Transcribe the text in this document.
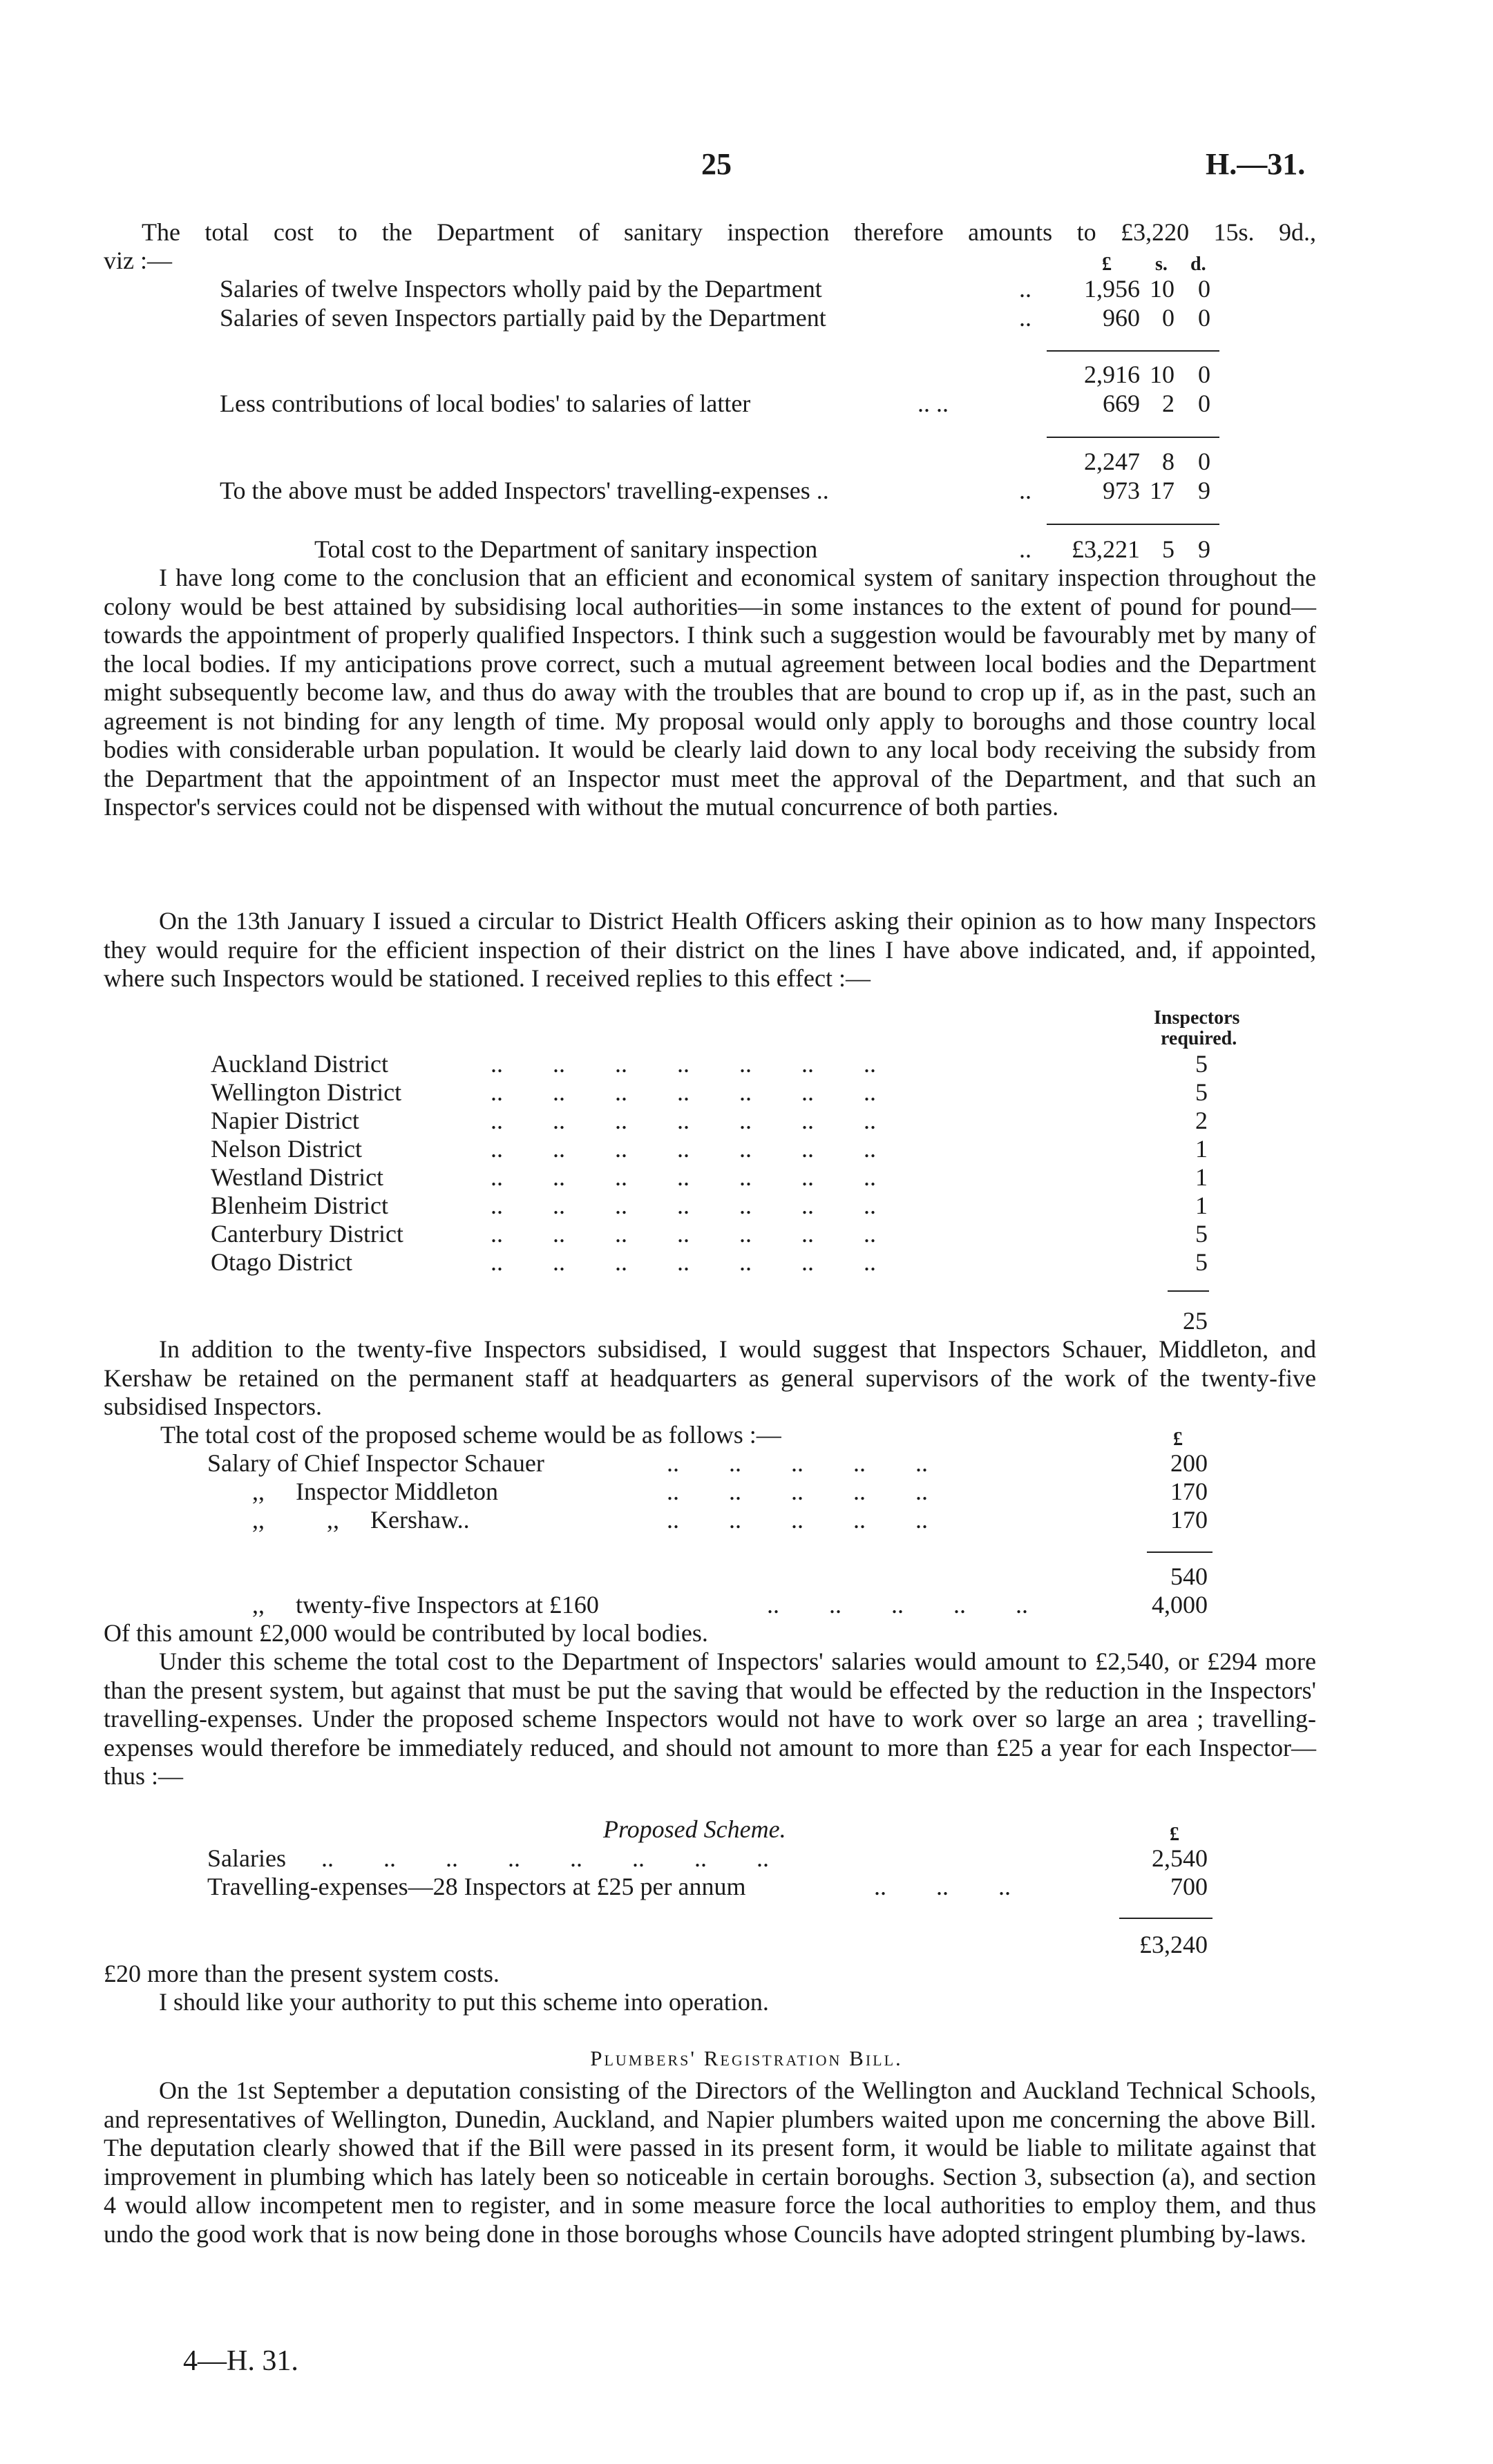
25	H.—31.
The total cost to the Department of sanitary inspection therefore amounts to £3,220 15s. 9d.,
viz :—	£ s. d.
Salaries of twelve Inspectors wholly paid by the Department	..	1,956 10 0
Salaries of seven Inspectors partially paid by the Department	..	960 0 0
2,916 10 0
Less contributions of local bodies' to salaries of latter	.. ..	669 2 0
2,247 8 0
To the above must be added Inspectors' travelling-expenses ..	..	973 17 9
Total cost to the Department of sanitary inspection	..	£3,221 5 9
I have long come to the conclusion that an efficient and economical system of sanitary inspection throughout the colony would be best attained by subsidising local authorities—in some instances to the extent of pound for pound—towards the appointment of properly qualified Inspectors. I think such a suggestion would be favourably met by many of the local bodies. If my anticipations prove correct, such a mutual agreement between local bodies and the Department might subsequently become law, and thus do away with the troubles that are bound to crop up if, as in the past, such an agreement is not binding for any length of time. My proposal would only apply to boroughs and those country local bodies with considerable urban population. It would be clearly laid down to any local body receiving the subsidy from the Department that the appointment of an Inspector must meet the approval of the Department, and that such an Inspector's services could not be dispensed with without the mutual concurrence of both parties.
On the 13th January I issued a circular to District Health Officers asking their opinion as to how many Inspectors they would require for the efficient inspection of their district on the lines I have above indicated, and, if appointed, where such Inspectors would be stationed. I received replies to this effect :—
Inspectors
required.
Auckland District	..        ..        ..        ..        ..        ..        ..	5
Wellington District	..        ..        ..        ..        ..        ..        ..	5
Napier District	..        ..        ..        ..        ..        ..        ..	2
Nelson District	..        ..        ..        ..        ..        ..        ..	1
Westland District	..        ..        ..        ..        ..        ..        ..	1
Blenheim District	..        ..        ..        ..        ..        ..        ..	1
Canterbury District	..        ..        ..        ..        ..        ..        ..	5
Otago District	..        ..        ..        ..        ..        ..        ..	5
25
In addition to the twenty-five Inspectors subsidised, I would suggest that Inspectors Schauer, Middleton, and Kershaw be retained on the permanent staff at headquarters as general supervisors of the work of the twenty-five subsidised Inspectors.
The total cost of the proposed scheme would be as follows :—	£
Salary of Chief Inspector Schauer	..        ..        ..        ..        ..	200
,,     Inspector Middleton	..        ..        ..        ..        ..	170
,,          ,,     Kershaw..	..        ..        ..        ..        ..	170
540
,,     twenty-five Inspectors at £160	..        ..        ..        ..        ..	4,000
Of this amount £2,000 would be contributed by local bodies.
Under this scheme the total cost to the Department of Inspectors' salaries would amount to £2,540, or £294 more than the present system, but against that must be put the saving that would be effected by the reduction in the Inspectors' travelling-expenses. Under the proposed scheme Inspectors would not have to work over so large an area ; travelling-expenses would therefore be immediately reduced, and should not amount to more than £25 a year for each Inspector—thus :—
Proposed Scheme.	£
Salaries ..        ..        ..        ..        ..        ..        ..        ..	2,540
Travelling-expenses—28 Inspectors at £25 per annum	..        ..        ..	700
£3,240
£20 more than the present system costs.
I should like your authority to put this scheme into operation.
Plumbers' Registration Bill.
On the 1st September a deputation consisting of the Directors of the Wellington and Auckland Technical Schools, and representatives of Wellington, Dunedin, Auckland, and Napier plumbers waited upon me concerning the above Bill. The deputation clearly showed that if the Bill were passed in its present form, it would be liable to militate against that improvement in plumbing which has lately been so noticeable in certain boroughs. Section 3, subsection (a), and section 4 would allow incompetent men to register, and in some measure force the local authorities to employ them, and thus undo the good work that is now being done in those boroughs whose Councils have adopted stringent plumbing by-laws.
4—H. 31.
